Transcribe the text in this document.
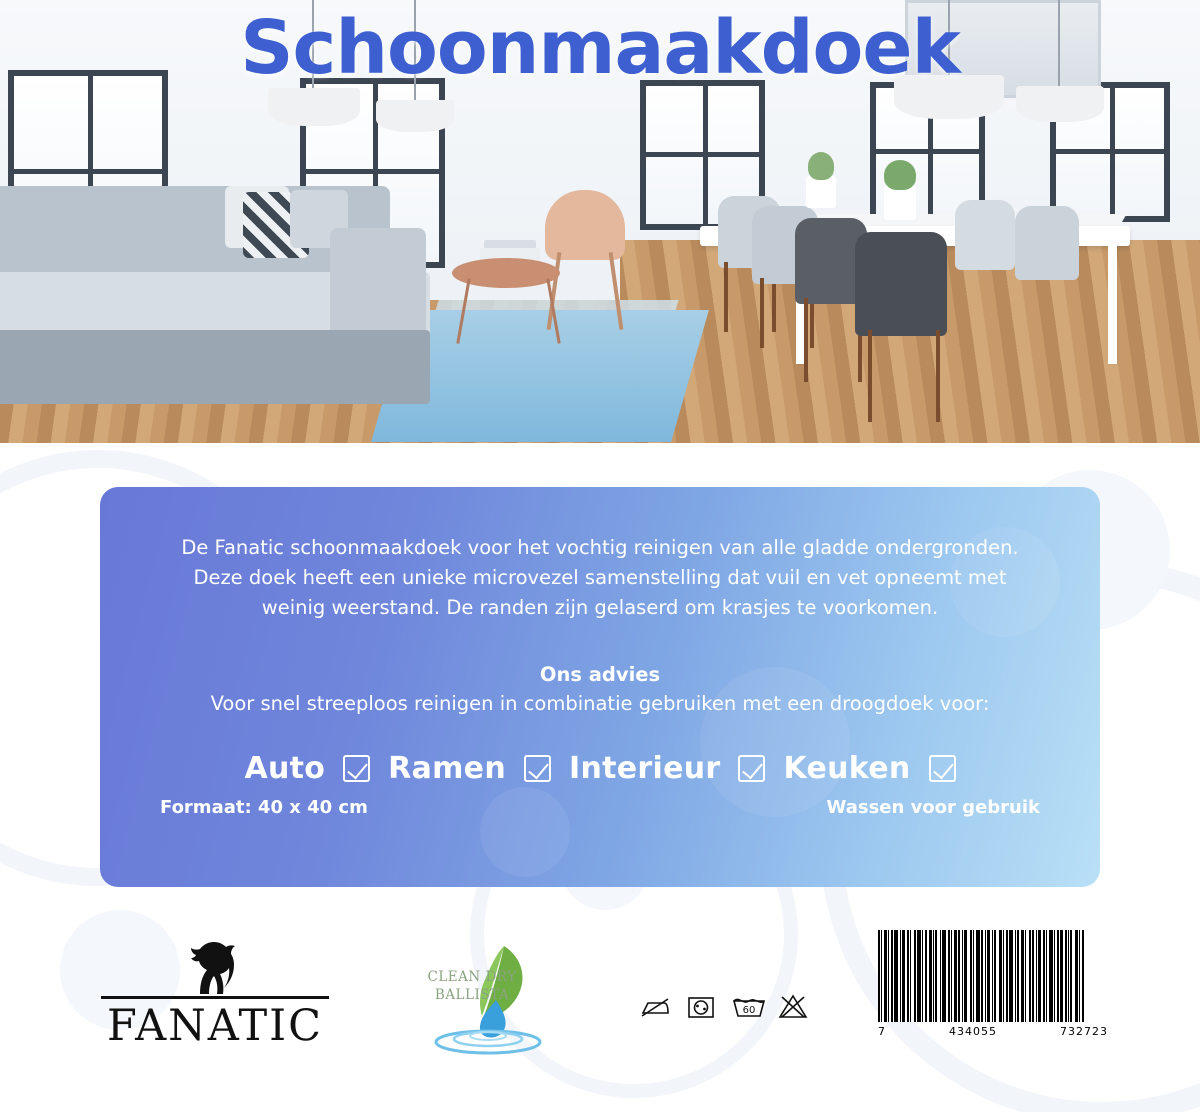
Schoonmaakdoek
De Fanatic schoonmaakdoek voor het vochtig reinigen van alle gladde ondergronden.
Deze doek heeft een unieke microvezel samenstelling dat vuil en vet opneemt met
weinig weerstand. De randen zijn gelaserd om krasjes te voorkomen.
Ons advies
Voor snel streeploos reinigen in combinatie gebruiken met een droogdoek voor:
Auto Ramen Interieur Keuken
Formaat: 40 x 40 cm	Wassen voor gebruik
FANATIC
CLEAN DRY
BALLISTA
60
7	434055	732723
